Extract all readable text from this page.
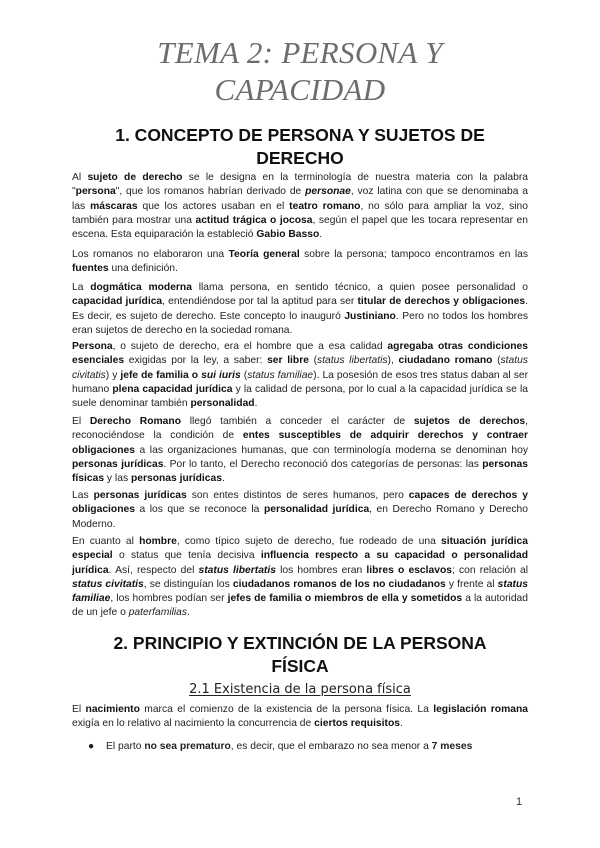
TEMA 2: PERSONA Y
CAPACIDAD
1. CONCEPTO DE PERSONA Y SUJETOS DE
DERECHO

Al sujeto de derecho se le designa en la terminología de nuestra materia con la palabra "persona", que los romanos habrían derivado de personae, voz latina con que se denominaba a las máscaras que los actores usaban en el teatro romano, no sólo para ampliar la voz, sino también para mostrar una actitud trágica o jocosa, según el papel que les tocara representar en escena. Esta equiparación la estableció Gabio Basso.

Los romanos no elaboraron una Teoría general sobre la persona; tampoco encontramos en las fuentes una definición.

La dogmática moderna llama persona, en sentido técnico, a quien posee personalidad o capacidad jurídica, entendiéndose por tal la aptitud para ser titular de derechos y obligaciones. Es decir, es sujeto de derecho. Este concepto lo inauguró Justiniano. Pero no todos los hombres eran sujetos de derecho en la sociedad romana.

Persona, o sujeto de derecho, era el hombre que a esa calidad agregaba otras condiciones esenciales exigidas por la ley, a saber: ser libre (status libertatis), ciudadano romano (status civitatis) y jefe de familia o sui iuris (status familiae). La posesión de esos tres status daban al ser humano plena capacidad jurídica y la calidad de persona, por lo cual a la capacidad jurídica se la suele denominar también personalidad.

El Derecho Romano llegó también a conceder el carácter de sujetos de derechos, reconociéndose la condición de entes susceptibles de adquirir derechos y contraer obligaciones a las organizaciones humanas, que con terminología moderna se denominan hoy personas jurídicas. Por lo tanto, el Derecho reconoció dos categorías de personas: las personas físicas y las personas jurídicas.

Las personas jurídicas son entes distintos de seres humanos, pero capaces de derechos y obligaciones a los que se reconoce la personalidad jurídica, en Derecho Romano y Derecho Moderno.

En cuanto al hombre, como típico sujeto de derecho, fue rodeado de una situación jurídica especial o status que tenía decisiva influencia respecto a su capacidad o personalidad jurídica. Así, respecto del status libertatis los hombres eran libres o esclavos; con relación al status civitatis, se distinguían los ciudadanos romanos de los no ciudadanos y frente al status familiae, los hombres podían ser jefes de familia o miembros de ella y sometidos a la autoridad de un jefe o paterfamilias.

2. PRINCIPIO Y EXTINCIÓN DE LA PERSONA
FÍSICA
2.1 Existencia de la persona física

El nacimiento marca el comienzo de la existencia de la persona física. La legislación romana exigía en lo relativo al nacimiento la concurrencia de ciertos requisitos.

● El parto no sea prematuro, es decir, que el embarazo no sea menor a 7 meses
1
